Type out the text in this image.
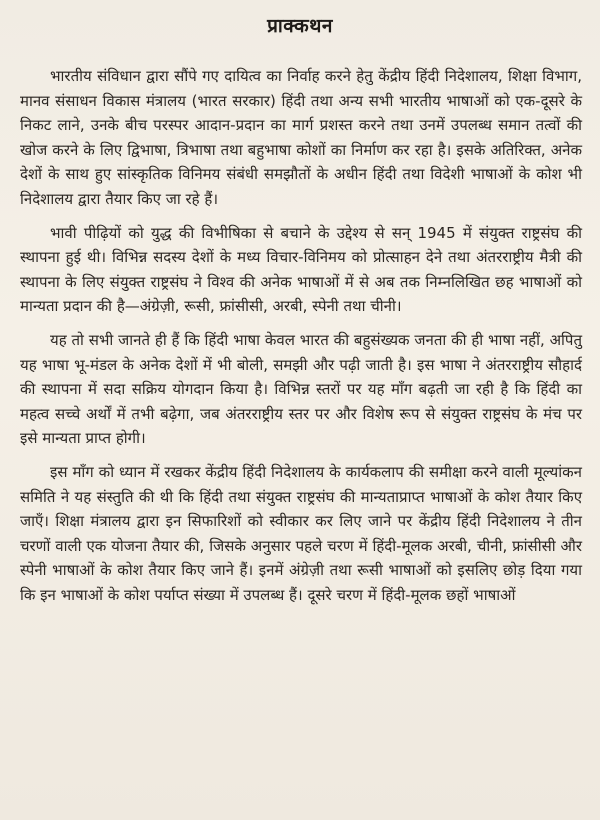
प्राक्कथन

भारतीय संविधान द्वारा सौंपे गए दायित्व का निर्वाह करने हेतु केंद्रीय हिंदी निदेशालय, शिक्षा विभाग, मानव संसाधन विकास मंत्रालय (भारत सरकार) हिंदी तथा अन्य सभी भारतीय भाषाओं को एक-दूसरे के निकट लाने, उनके बीच परस्पर आदान-प्रदान का मार्ग प्रशस्त करने तथा उनमें उपलब्ध समान तत्वों की खोज करने के लिए द्विभाषा, त्रिभाषा तथा बहुभाषा कोशों का निर्माण कर रहा है। इसके अतिरिक्त, अनेक देशों के साथ हुए सांस्कृतिक विनिमय संबंधी समझौतों के अधीन हिंदी तथा विदेशी भाषाओं के कोश भी निदेशालय द्वारा तैयार किए जा रहे हैं।

भावी पीढ़ियों को युद्ध की विभीषिका से बचाने के उद्देश्य से सन् 1945 में संयुक्त राष्ट्रसंघ की स्थापना हुई थी। विभिन्न सदस्य देशों के मध्य विचार-विनिमय को प्रोत्साहन देने तथा अंतरराष्ट्रीय मैत्री की स्थापना के लिए संयुक्त राष्ट्रसंघ ने विश्व की अनेक भाषाओं में से अब तक निम्नलिखित छह भाषाओं को मान्यता प्रदान की है—अंग्रेज़ी, रूसी, फ्रांसीसी, अरबी, स्पेनी तथा चीनी।

यह तो सभी जानते ही हैं कि हिंदी भाषा केवल भारत की बहुसंख्यक जनता की ही भाषा नहीं, अपितु यह भाषा भू-मंडल के अनेक देशों में भी बोली, समझी और पढ़ी जाती है। इस भाषा ने अंतरराष्ट्रीय सौहार्द की स्थापना में सदा सक्रिय योगदान किया है। विभिन्न स्तरों पर यह माँग बढ़ती जा रही है कि हिंदी का महत्व सच्चे अर्थों में तभी बढ़ेगा, जब अंतरराष्ट्रीय स्तर पर और विशेष रूप से संयुक्त राष्ट्रसंघ के मंच पर इसे मान्यता प्राप्त होगी।

इस माँग को ध्यान में रखकर केंद्रीय हिंदी निदेशालय के कार्यकलाप की समीक्षा करने वाली मूल्यांकन समिति ने यह संस्तुति की थी कि हिंदी तथा संयुक्त राष्ट्रसंघ की मान्यताप्राप्त भाषाओं के कोश तैयार किए जाएँ। शिक्षा मंत्रालय द्वारा इन सिफारिशों को स्वीकार कर लिए जाने पर केंद्रीय हिंदी निदेशालय ने तीन चरणों वाली एक योजना तैयार की, जिसके अनुसार पहले चरण में हिंदी-मूलक अरबी, चीनी, फ्रांसीसी और स्पेनी भाषाओं के कोश तैयार किए जाने हैं। इनमें अंग्रेज़ी तथा रूसी भाषाओं को इसलिए छोड़ दिया गया कि इन भाषाओं के कोश पर्याप्त संख्या में उपलब्ध हैं। दूसरे चरण में हिंदी-मूलक छहों भाषाओं
